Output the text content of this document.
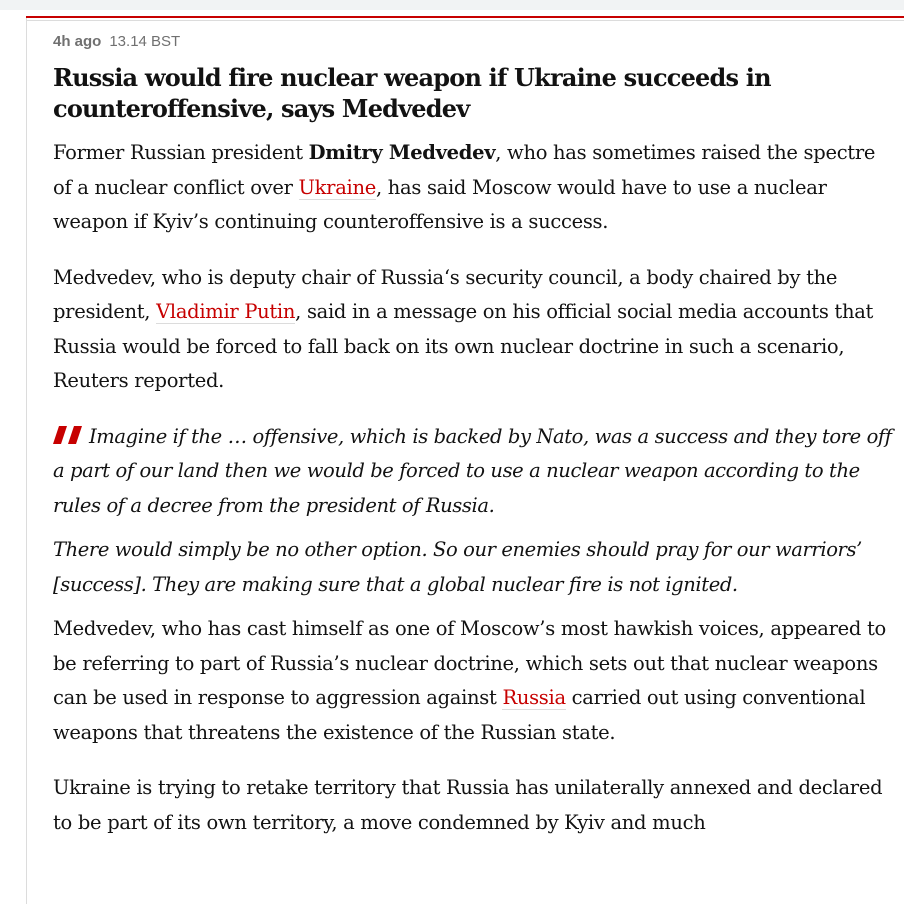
4h ago 13.14 BST
Russia would fire nuclear weapon if Ukraine succeeds in counteroffensive, says Medvedev

Former Russian president Dmitry Medvedev, who has sometimes raised the spectre of a nuclear conflict over Ukraine, has said Moscow would have to use a nuclear weapon if Kyiv’s continuing counteroffensive is a success.

Medvedev, who is deputy chair of Russia‘s security council, a body chaired by the president, Vladimir Putin, said in a message on his official social media accounts that Russia would be forced to fall back on its own nuclear doctrine in such a scenario, Reuters reported.

Imagine if the … offensive, which is backed by Nato, was a success and they tore off a part of our land then we would be forced to use a nuclear weapon according to the rules of a decree from the president of Russia.

There would simply be no other option. So our enemies should pray for our warriors’ [success]. They are making sure that a global nuclear fire is not ignited.

Medvedev, who has cast himself as one of Moscow’s most hawkish voices, appeared to be referring to part of Russia’s nuclear doctrine, which sets out that nuclear weapons can be used in response to aggression against Russia carried out using conventional weapons that threatens the existence of the Russian state.

Ukraine is trying to retake territory that Russia has unilaterally annexed and declared to be part of its own territory, a move condemned by Kyiv and much
